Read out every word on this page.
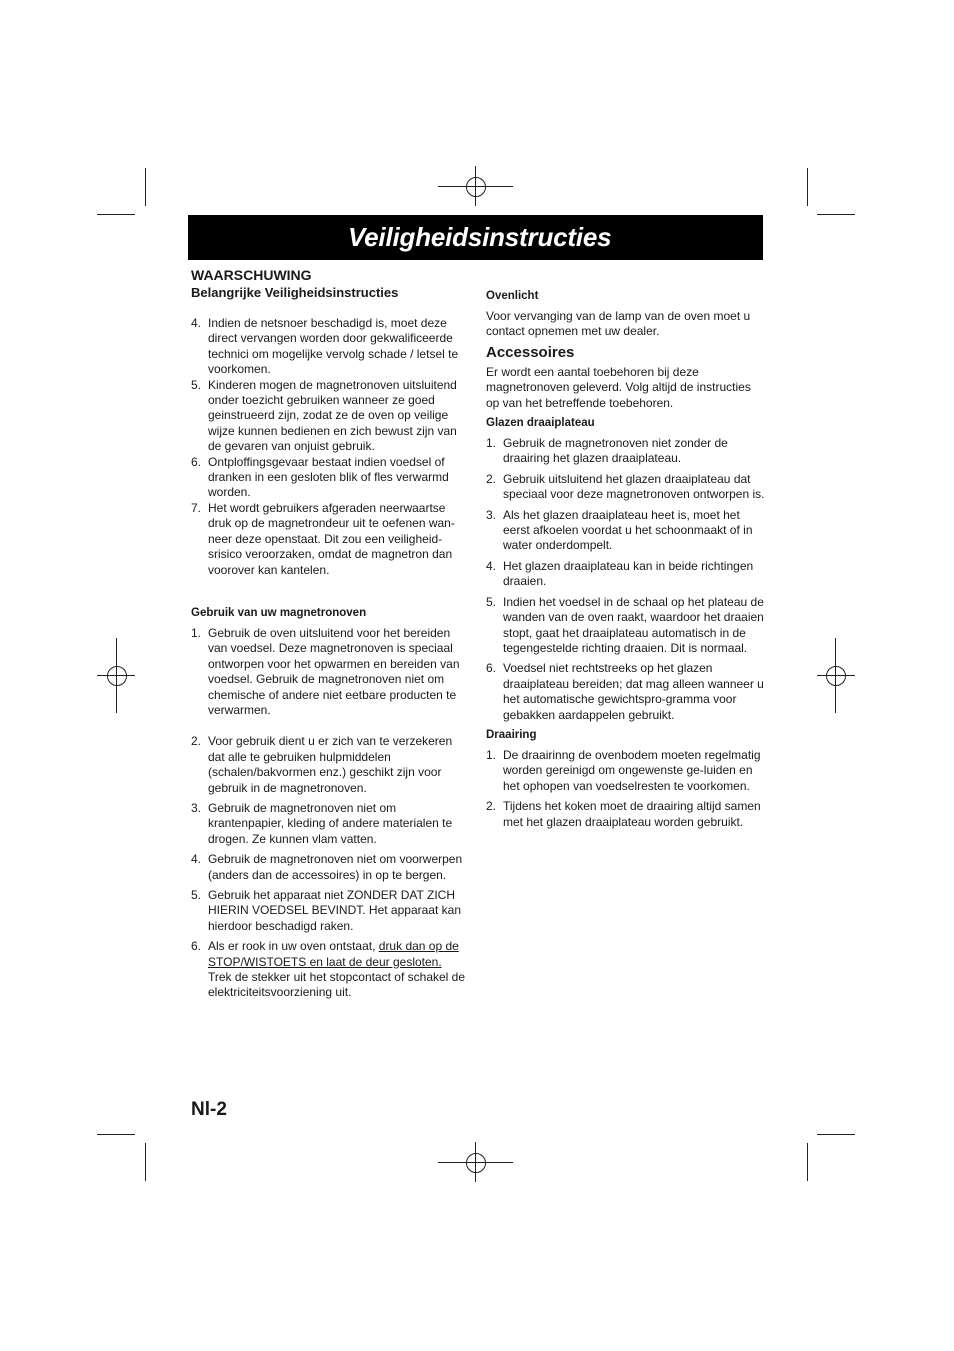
Veiligheidsinstructies
WAARSCHUWING
Belangrijke Veiligheidsinstructies
4. Indien de netsnoer beschadigd is, moet deze direct vervangen worden door gekwalificeerde technici om mogelijke vervolg schade / letsel te voorkomen.
5. Kinderen mogen de magnetronoven uitsluitend onder toezicht gebruiken wanneer ze goed geinstrueerd zijn, zodat ze de oven op veilige wijze kunnen bedienen en zich bewust zijn van de gevaren van onjuist gebruik.
6. Ontploffingsgevaar bestaat indien voedsel of dranken in een gesloten blik of fles verwarmd worden.
7. Het wordt gebruikers afgeraden neerwaartse druk op de magnetrondeur uit te oefenen wan-neer deze openstaat. Dit zou een veiligheid-srisico veroorzaken, omdat de magnetron dan voorover kan kantelen.
Gebruik van uw magnetronoven
1. Gebruik de oven uitsluitend voor het bereiden van voedsel. Deze magnetronoven is speciaal ontworpen voor het opwarmen en bereiden van voedsel. Gebruik de magnetronoven niet om chemische of andere niet eetbare producten te verwarmen.
2. Voor gebruik dient u er zich van te verzekeren dat alle te gebruiken hulpmiddelen (schalen/bakvormen enz.) geschikt zijn voor gebruik in de magnetronoven.
3. Gebruik de magnetronoven niet om krantenpapier, kleding of andere materialen te drogen. Ze kunnen vlam vatten.
4. Gebruik de magnetronoven niet om voorwerpen (anders dan de accessoires) in op te bergen.
5. Gebruik het apparaat niet ZONDER DAT ZICH HIERIN VOEDSEL BEVINDT. Het apparaat kan hierdoor beschadigd raken.
6. Als er rook in uw oven ontstaat, druk dan op de STOP/WISTOETS en laat de deur gesloten.
Trek de stekker uit het stopcontact of schakel de elektriciteitsvoorziening uit.
Ovenlicht

Voor vervanging van de lamp van de oven moet u contact opnemen met uw dealer.

Accessoires

Er wordt een aantal toebehoren bij deze magnetronoven geleverd. Volg altijd de instructies op van het betreffende toebehoren.

Glazen draaiplateau
1. Gebruik de magnetronoven niet zonder de draairing het glazen draaiplateau.
2. Gebruik uitsluitend het glazen draaiplateau dat speciaal voor deze magnetronoven ontworpen is.
3. Als het glazen draaiplateau heet is, moet het eerst afkoelen voordat u het schoonmaakt of in water onderdompelt.
4. Het glazen draaiplateau kan in beide richtingen draaien.
5. Indien het voedsel in de schaal op het plateau de wanden van de oven raakt, waardoor het draaien stopt, gaat het draaiplateau automatisch in de tegengestelde richting draaien. Dit is normaal.
6. Voedsel niet rechtstreeks op het glazen draaiplateau bereiden; dat mag alleen wanneer u het automatische gewichtspro-gramma voor gebakken aardappelen gebruikt.
Draairing
1. De draairinng de ovenbodem moeten regelmatig worden gereinigd om ongewenste ge-luiden en het ophopen van voedselresten te voorkomen.
2. Tijdens het koken moet de draairing altijd samen met het glazen draaiplateau worden gebruikt.
Nl-2
